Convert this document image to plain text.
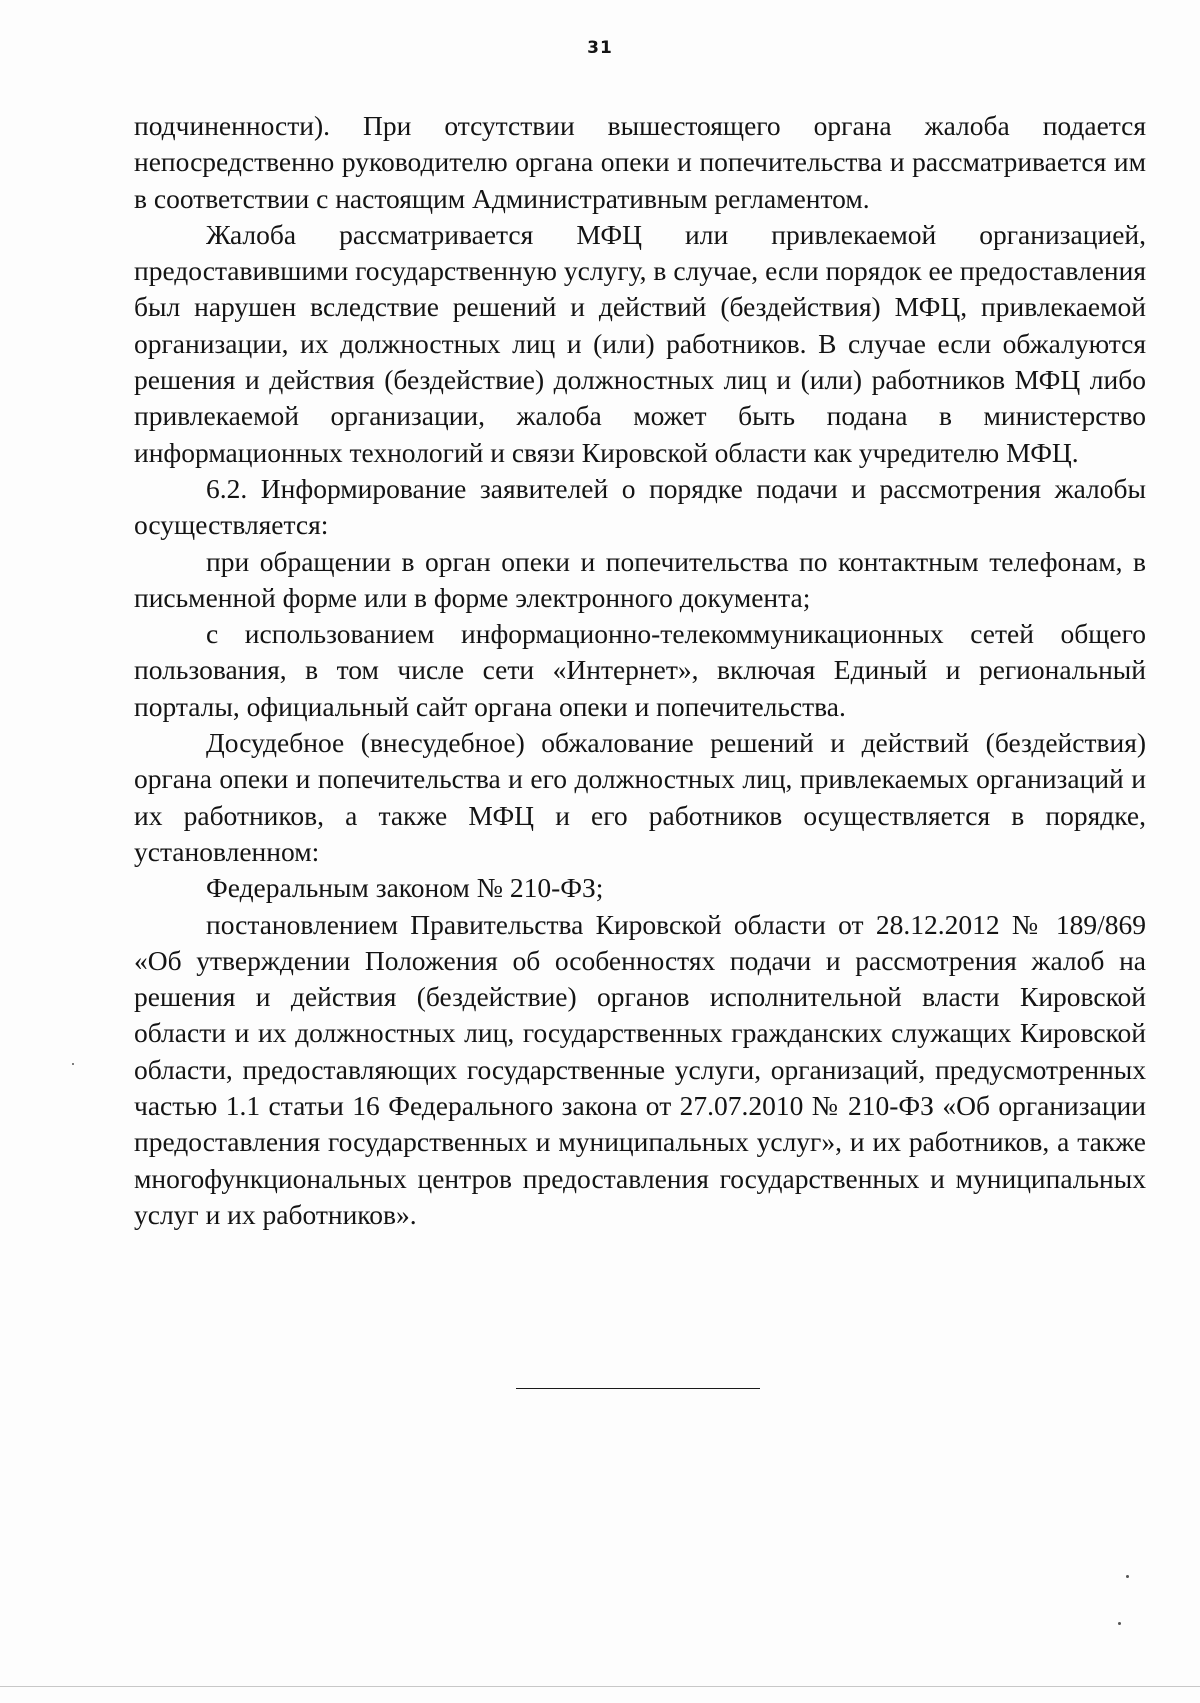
31

подчиненности). При отсутствии вышестоящего органа жалоба подается непосредственно руководителю органа опеки и попечительства и рассматривается им в соответствии с настоящим Административным регламентом.

Жалоба рассматривается МФЦ или привлекаемой организацией, предоставившими государственную услугу, в случае, если порядок ее предоставления был нарушен вследствие решений и действий (бездействия) МФЦ, привлекаемой организации, их должностных лиц и (или) работников. В случае если обжалуются решения и действия (бездействие) должностных лиц и (или) работников МФЦ либо привлекаемой организации, жалоба может быть подана в министерство информационных технологий и связи Кировской области как учредителю МФЦ.

6.2. Информирование заявителей о порядке подачи и рассмотрения жалобы осуществляется:

при обращении в орган опеки и попечительства по контактным телефонам, в письменной форме или в форме электронного документа;

с использованием информационно-телекоммуникационных сетей общего пользования, в том числе сети «Интернет», включая Единый и региональный порталы, официальный сайт органа опеки и попечительства.

Досудебное (внесудебное) обжалование решений и действий (бездействия) органа опеки и попечительства и его должностных лиц, привлекаемых организаций и их работников, а также МФЦ и его работников осуществляется в порядке, установленном:

Федеральным законом № 210-ФЗ;

постановлением Правительства Кировской области от 28.12.2012 № 189/869 «Об утверждении Положения об особенностях подачи и рассмотрения жалоб на решения и действия (бездействие) органов исполнительной власти Кировской области и их должностных лиц, государственных гражданских служащих Кировской области, предоставляющих государственные услуги, организаций, предусмотренных частью 1.1 статьи 16 Федерального закона от 27.07.2010 № 210-ФЗ «Об организации предоставления государственных и муниципальных услуг», и их работников, а также многофункциональных центров предоставления государственных и муниципальных услуг и их работников».
